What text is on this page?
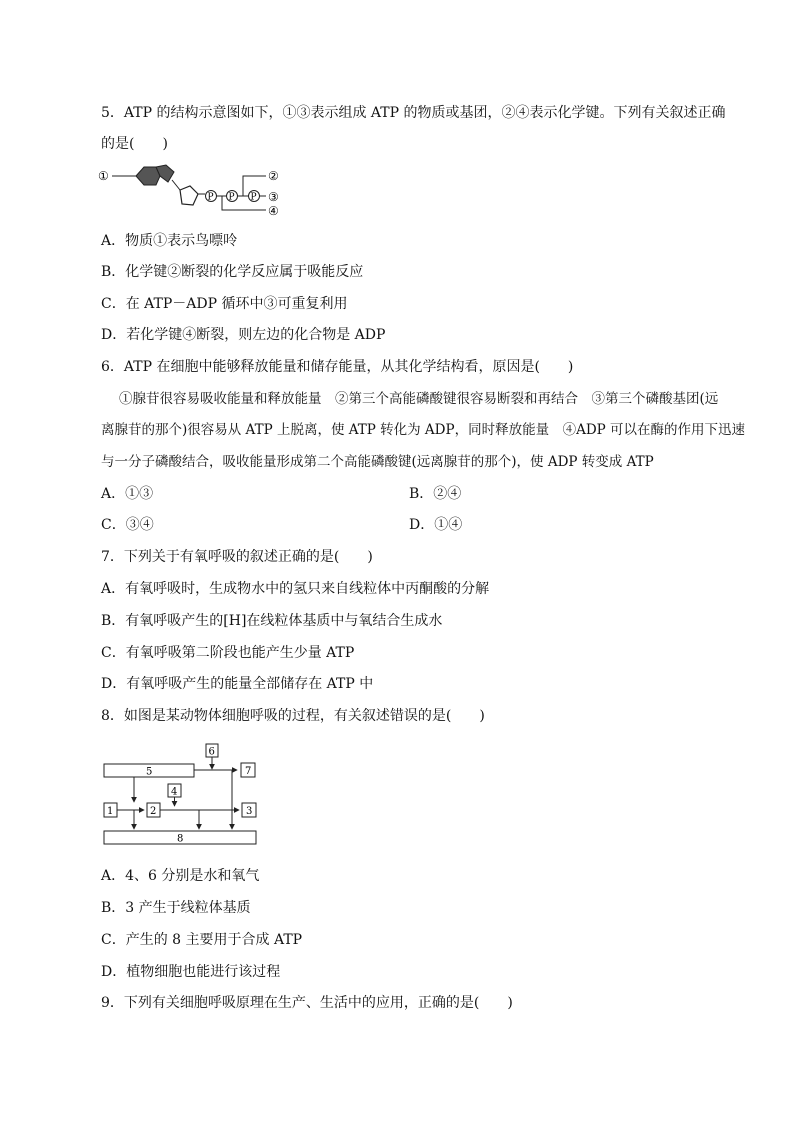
5．ATP 的结构示意图如下，①③表示组成 ATP 的物质或基团，②④表示化学键。下列有关叙述正确
的是(　　)
①
P P P
②
③
④
A．物质①表示鸟嘌呤
B．化学键②断裂的化学反应属于吸能反应
C．在 ATP－ADP 循环中③可重复利用
D．若化学键④断裂，则左边的化合物是 ADP
6．ATP 在细胞中能够释放能量和储存能量，从其化学结构看，原因是(　　)
①腺苷很容易吸收能量和释放能量　②第三个高能磷酸键很容易断裂和再结合　③第三个磷酸基团(远
离腺苷的那个)很容易从 ATP 上脱离，使 ATP 转化为 ADP，同时释放能量　④ADP 可以在酶的作用下迅速
与一分子磷酸结合，吸收能量形成第二个高能磷酸键(远离腺苷的那个)，使 ADP 转变成 ATP
A．①③	B．②④
C．③④	D．①④
7．下列关于有氧呼吸的叙述正确的是(　　)
A．有氧呼吸时，生成物水中的氢只来自线粒体中丙酮酸的分解
B．有氧呼吸产生的[H]在线粒体基质中与氧结合生成水
C．有氧呼吸第二阶段也能产生少量 ATP
D．有氧呼吸产生的能量全部储存在 ATP 中
8．如图是某动物体细胞呼吸的过程，有关叙述错误的是(　　)
6
5	7
4
1	2	3
8
A．4、6 分别是水和氧气
B．3 产生于线粒体基质
C．产生的 8 主要用于合成 ATP
D．植物细胞也能进行该过程
9．下列有关细胞呼吸原理在生产、生活中的应用，正确的是(　　)
